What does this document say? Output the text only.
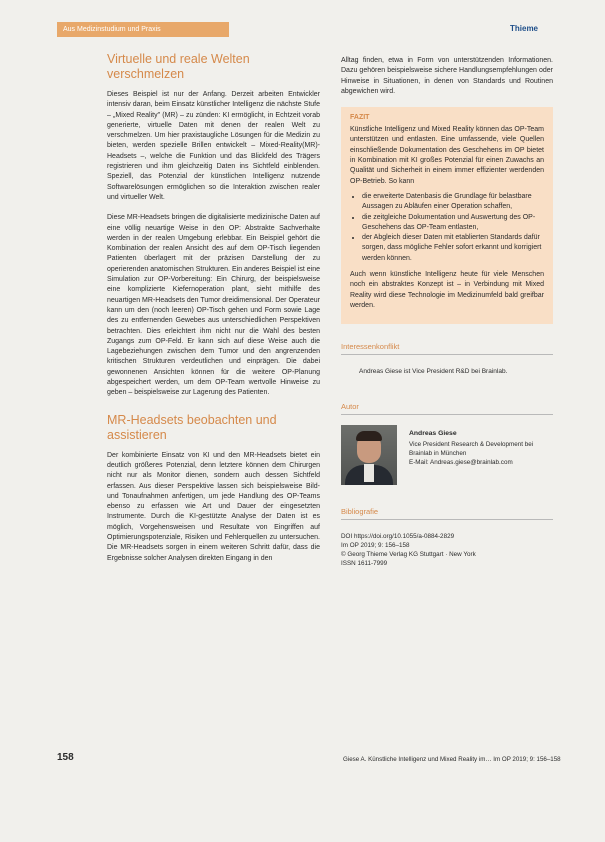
Aus Medizinstudium und Praxis	Thieme
Virtuelle und reale Welten verschmelzen

Dieses Beispiel ist nur der Anfang. Derzeit arbeiten Entwickler intensiv daran, beim Einsatz künstlicher Intelligenz die nächste Stufe – „Mixed Reality" (MR) – zu zünden: KI ermöglicht, in Echtzeit vorab generierte, virtuelle Daten mit denen der realen Welt zu verschmelzen. Um hier praxistaugliche Lösungen für die Medizin zu bieten, werden spezielle Brillen entwickelt – Mixed-Reality(MR)-Headsets –, welche die Funktion und das Blickfeld des Trägers registrieren und ihm gleichzeitig Daten ins Sichtfeld einblenden. Speziell, das Potenzial der künstlichen Intelligenz nutzende Softwarelösungen ermöglichen so die Interaktion zwischen realer und virtueller Welt.

Diese MR-Headsets bringen die digitalisierte medizinische Daten auf eine völlig neuartige Weise in den OP: Abstrakte Sachverhalte werden in der realen Umgebung erlebbar. Ein Beispiel gehört die Kombination der realen Ansicht des auf dem OP-Tisch liegenden Patienten überlagert mit der präzisen Darstellung der zu operierenden anatomischen Strukturen. Ein anderes Beispiel ist eine Simulation zur OP-Vorbereitung: Ein Chirurg, der beispielsweise eine komplizierte Kiefernoperation plant, sieht mithilfe des neuartigen MR-Headsets den Tumor dreidimensional. Der Operateur kann um den (noch leeren) OP-Tisch gehen und Form sowie Lage des zu entfernenden Gewebes aus unterschiedlichen Perspektiven betrachten. Dies erleichtert ihm nicht nur die Wahl des besten Zugangs zum OP-Feld. Er kann sich auf diese Weise auch die Lagebeziehungen zwischen dem Tumor und den angrenzenden kritischen Strukturen verdeutlichen und einprägen. Die dabei gewonnenen Ansichten können für die weitere OP-Planung abgespeichert werden, um dem OP-Team wertvolle Hinweise zu geben – beispielsweise zur Lagerung des Patienten.

MR-Headsets beobachten und assistieren

Der kombinierte Einsatz von KI und den MR-Headsets bietet ein deutlich größeres Potenzial, denn letztere können dem Chirurgen nicht nur als Monitor dienen, sondern auch dessen Sichtfeld erfassen. Aus dieser Perspektive lassen sich beispielsweise Bild- und Tonaufnahmen anfertigen, um jede Handlung des OP-Teams ebenso zu erfassen wie Art und Dauer der eingesetzten Instrumente. Durch die KI-gestützte Analyse der Daten ist es möglich, Vorgehensweisen und Resultate von Eingriffen auf Optimierungspotenziale, Risiken und Fehlerquellen zu untersuchen. Die MR-Headsets sorgen in einem weiteren Schritt dafür, dass die Ergebnisse solcher Analysen direkten Eingang in den

Alltag finden, etwa in Form von unterstützenden Informationen. Dazu gehören beispielsweise sichere Handlungsempfehlungen oder Hinweise in Situationen, in denen von Standards und Routinen abgewichen wird.

FAZIT

Künstliche Intelligenz und Mixed Reality können das OP-Team unterstützen und entlasten. Eine umfassende, viele Quellen einschließende Dokumentation des Geschehens im OP bietet in Kombination mit KI großes Potenzial für einen Zuwachs an Qualität und Sicherheit in einem immer effizienter werdenden OP-Betrieb. So kann

• die erweiterte Datenbasis die Grundlage für belastbare Aussagen zu Abläufen einer Operation schaffen,
• die zeitgleiche Dokumentation und Auswertung des OP-Geschehens das OP-Team entlasten,
• der Abgleich dieser Daten mit etablierten Standards dafür sorgen, dass mögliche Fehler sofort erkannt und korrigiert werden können.

Auch wenn künstliche Intelligenz heute für viele Menschen noch ein abstraktes Konzept ist – in Verbindung mit Mixed Reality wird diese Technologie im Medizinumfeld bald greifbar werden.

Interessenkonflikt
Andreas Giese ist Vice President R&D bei Brainlab.
Autor
Andreas Giese
Vice President Research & Development bei
Brainlab in München
E-Mail: Andreas.giese@brainlab.com
Bibliografie
DOI https://doi.org/10.1055/a-0884-2829
Im OP 2019; 9: 156–158
© Georg Thieme Verlag KG Stuttgart · New York
ISSN 1611-7999
158	Giese A. Künstliche Intelligenz und Mixed Reality im… Im OP 2019; 9: 156–158
